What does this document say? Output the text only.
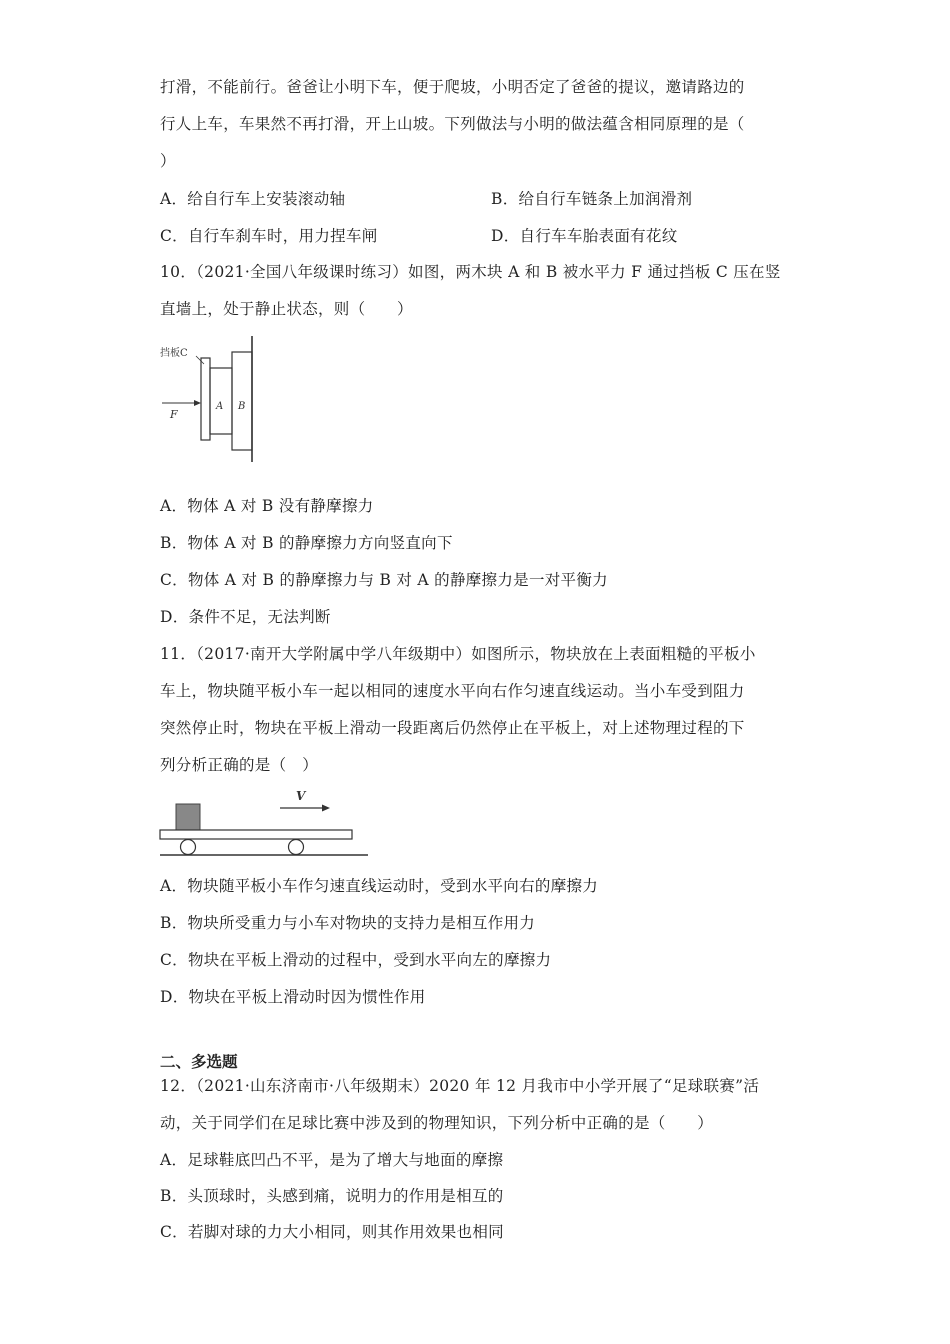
打滑，不能前行。爸爸让小明下车，便于爬坡，小明否定了爸爸的提议，邀请路边的
行人上车，车果然不再打滑，开上山坡。下列做法与小明的做法蕴含相同原理的是（
）
A．给自行车上安装滚动轴	B．给自行车链条上加润滑剂
C．自行车刹车时，用力捏车闸	D．自行车车胎表面有花纹
10．（2021·全国八年级课时练习）如图，两木块 A 和 B 被水平力 F 通过挡板 C 压在竖
直墙上，处于静止状态，则（　　）
挡板C
F
A B
A．物体 A 对 B 没有静摩擦力
B．物体 A 对 B 的静摩擦力方向竖直向下
C．物体 A 对 B 的静摩擦力与 B 对 A 的静摩擦力是一对平衡力
D．条件不足，无法判断
11．（2017·南开大学附属中学八年级期中）如图所示，物块放在上表面粗糙的平板小
车上，物块随平板小车一起以相同的速度水平向右作匀速直线运动。当小车受到阻力
突然停止时，物块在平板上滑动一段距离后仍然停止在平板上，对上述物理过程的下
列分析正确的是（　）
V
A．物块随平板小车作匀速直线运动时，受到水平向右的摩擦力
B．物块所受重力与小车对物块的支持力是相互作用力
C．物块在平板上滑动的过程中，受到水平向左的摩擦力
D．物块在平板上滑动时因为惯性作用
二、多选题
12．（2021·山东济南市·八年级期末）2020 年 12 月我市中小学开展了“足球联赛”活
动，关于同学们在足球比赛中涉及到的物理知识，下列分析中正确的是（　　）
A．足球鞋底凹凸不平，是为了增大与地面的摩擦
B．头顶球时，头感到痛，说明力的作用是相互的
C．若脚对球的力大小相同，则其作用效果也相同
